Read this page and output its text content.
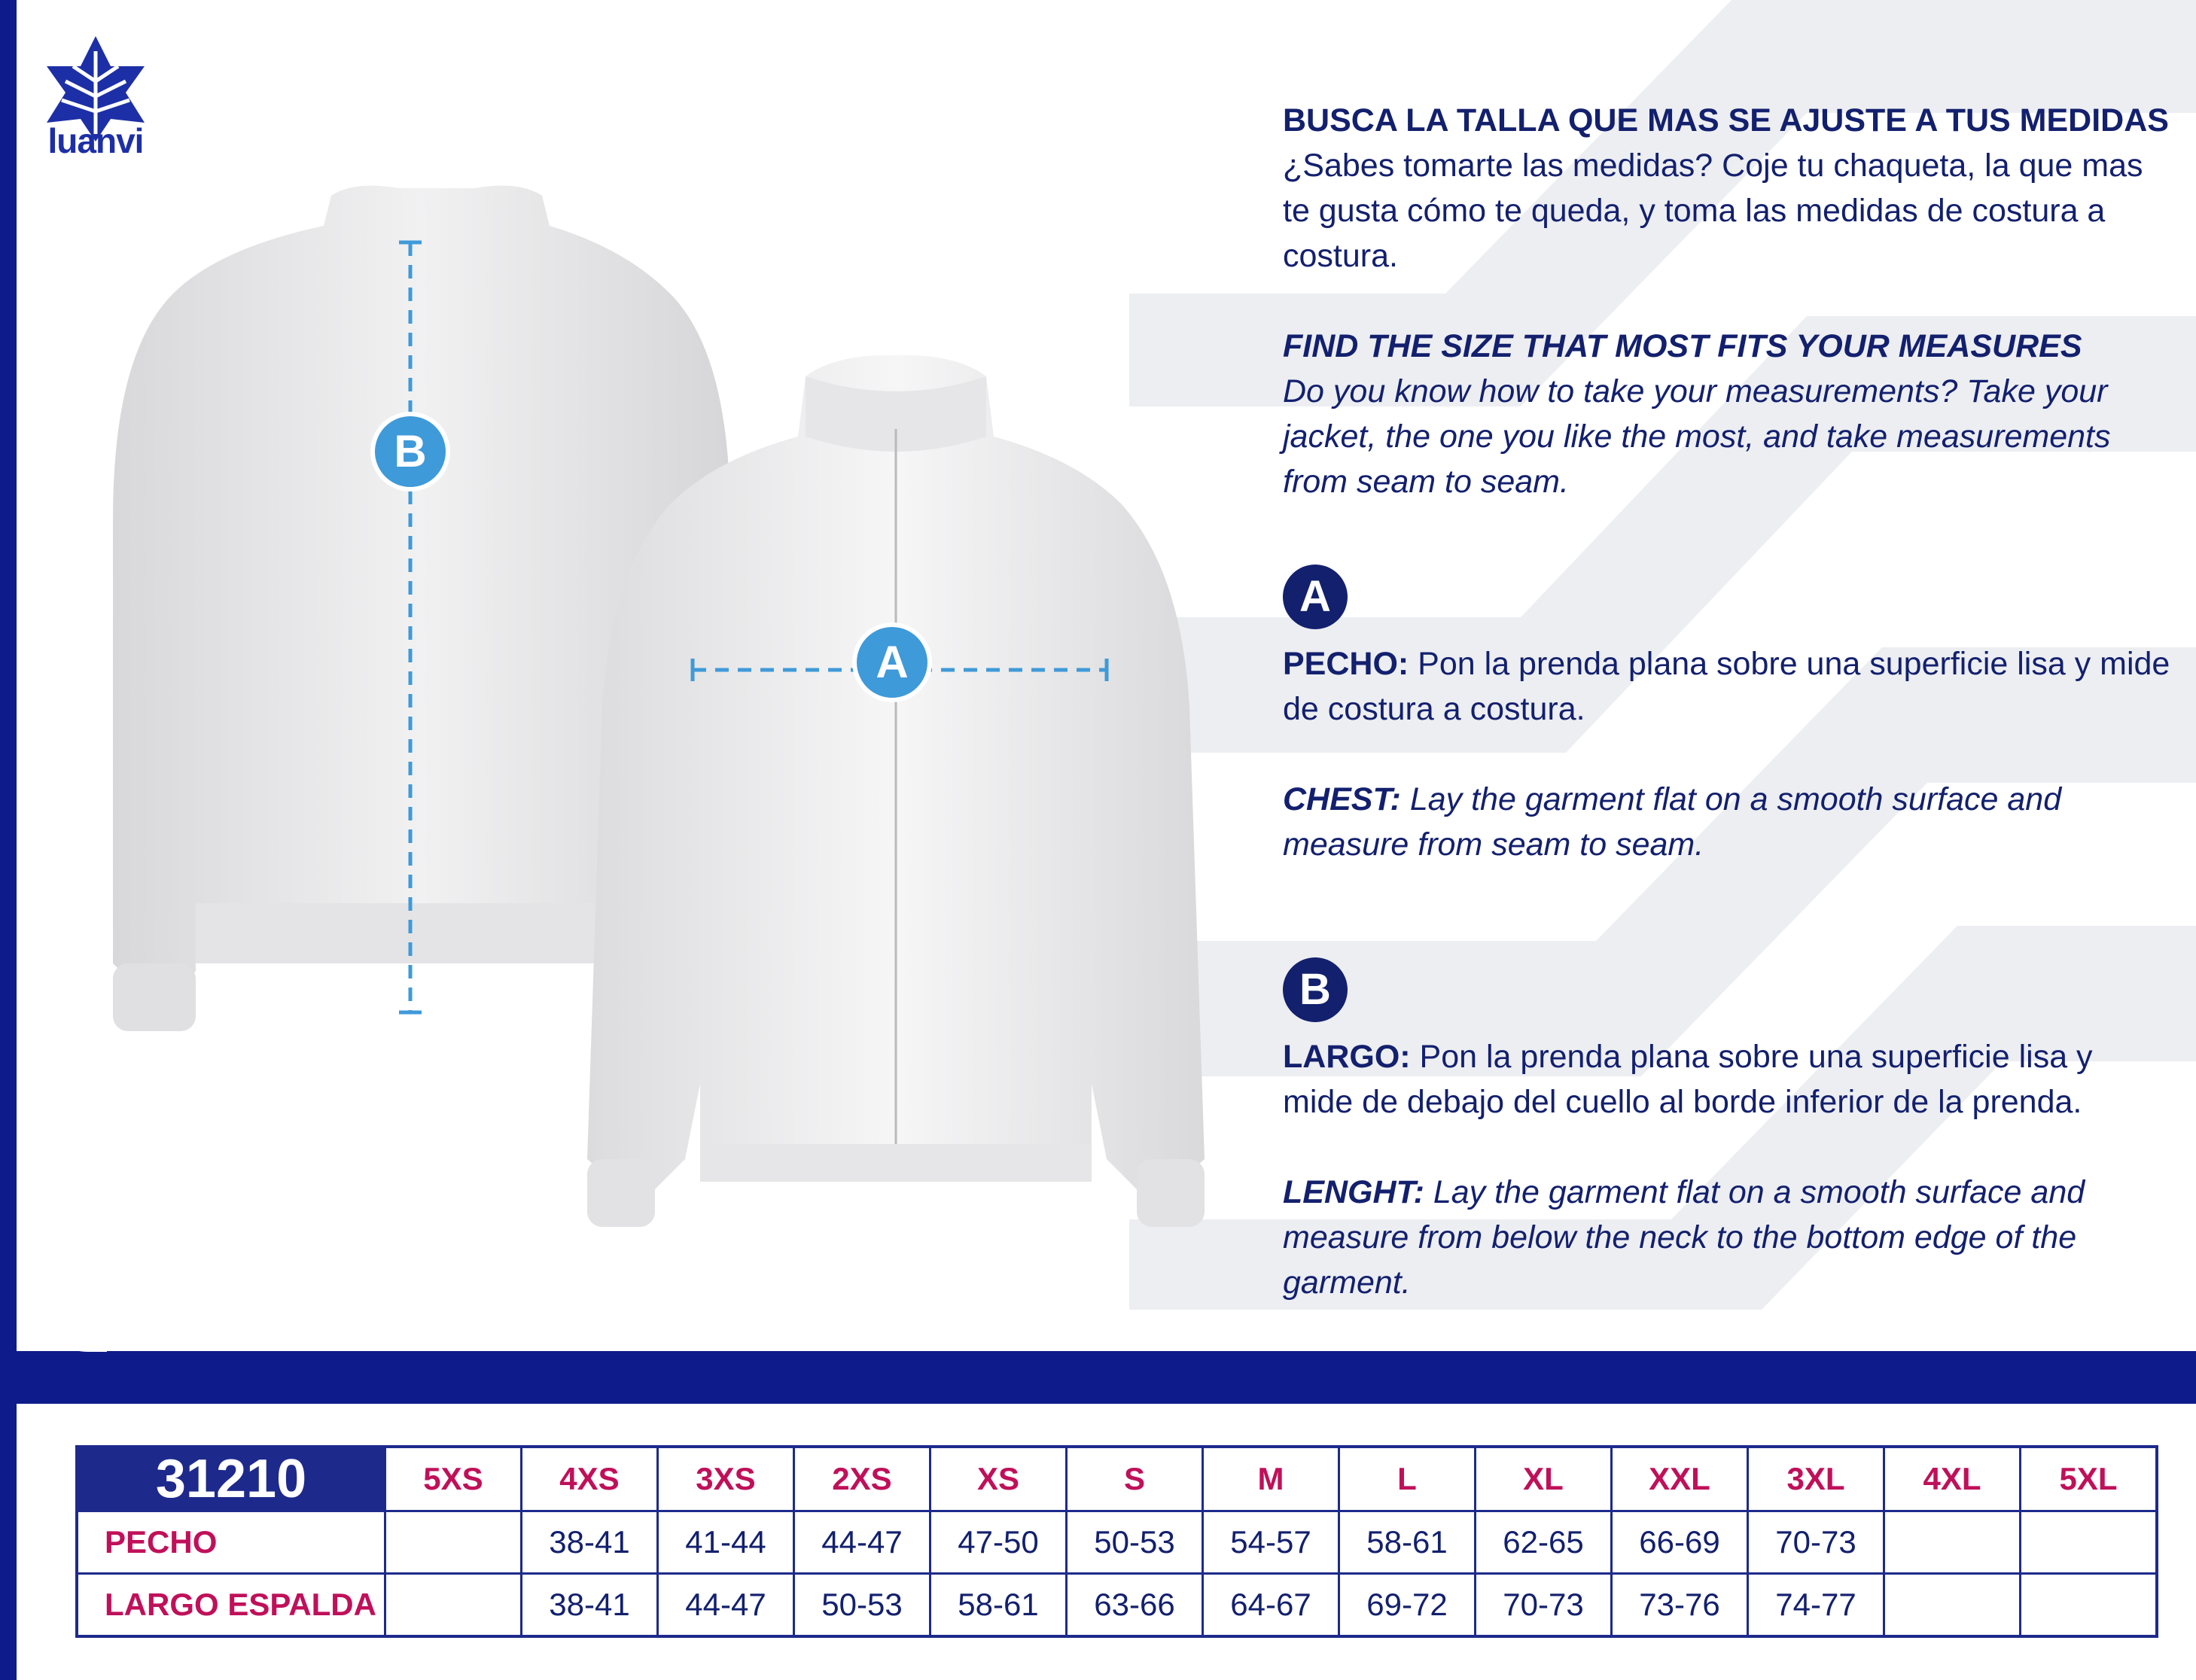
luanvi
B
A

BUSCA LA TALLA QUE MAS SE AJUSTE A TUS MEDIDAS

¿Sabes tomarte las medidas? Coje tu chaqueta, la que mas te gusta cómo te queda, y toma las medidas de costura a costura.

FIND THE SIZE THAT MOST FITS YOUR MEASURES

Do you know how to take your measurements? Take your jacket, the one you like the most, and take measurements from seam to seam.

A

PECHO: Pon la prenda plana sobre una superficie lisa y mide de costura a costura.

CHEST: Lay the garment flat on a smooth surface and measure from seam to seam.

B

LARGO: Pon la prenda plana sobre una superficie lisa y mide de debajo del cuello al borde inferior de la prenda.

LENGHT: Lay the garment flat on a smooth surface and measure from below the neck to the bottom edge of the garment.

31210	5XS	4XS	3XS	2XS	XS	S	M	L	XL	XXL	3XL	4XL	5XL
PECHO		38-41	41-44	44-47	47-50	50-53	54-57	58-61	62-65	66-69	70-73		
LARGO ESPALDA		38-41	44-47	50-53	58-61	63-66	64-67	69-72	70-73	73-76	74-77		
